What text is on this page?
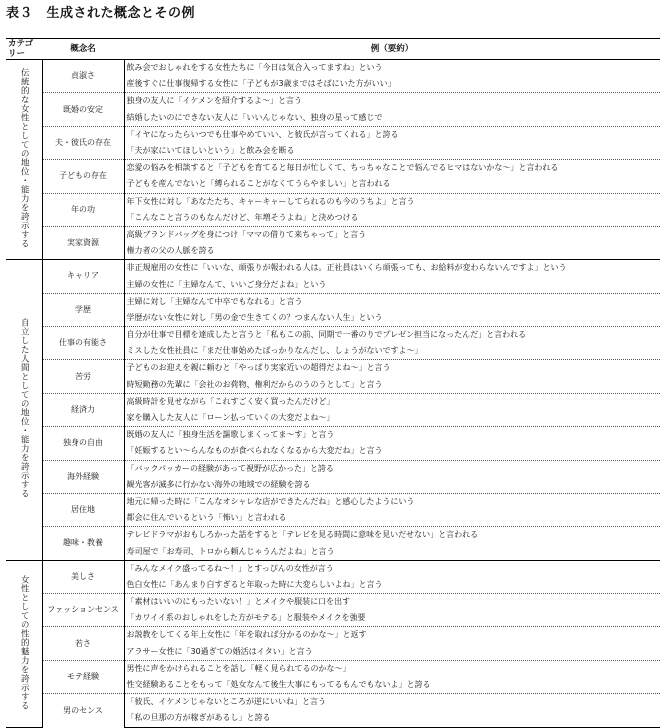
表３　生成された概念とその例
カテゴリー	概念名	例（要約）
伝統的な女性としての地位・能力を誇示する	貞淑さ	飲み会でおしゃれをする女性たちに「今日は気合入ってますね」という
		産後すぐに仕事復帰する女性に「子どもが3歳まではそばにいた方がいい」
	既婚の安定	独身の友人に「イケメンを紹介するよ〜」と言う
		結婚したいのにできない友人に「いいんじゃない、独身の星って感じで
	夫・彼氏の存在	「イヤになったらいつでも仕事やめていい、と彼氏が言ってくれる」と誇る
		「夫が家にいてほしいという」と飲み会を断る
	子どもの存在	恋愛の悩みを相談すると「子どもを育てると毎日が忙しくて、ちっちゃなことで悩んでるヒマはないかな〜」と言われる
		子どもを産んでないと「縛られることがなくてうらやましい」と言われる
	年の功	年下女性に対し「あなたたち、キャーキャーしてられるのも今のうちよ」と言う
		「こんなこと言うのもなんだけど、年増そうよね」と決めつける
	実家資源	高級ブランドバッグを身につけ「ママの借りて来ちゃって」と言う
		権力者の父の人脈を誇る
自立した人間としての地位・能力を誇示する	キャリア	非正規雇用の女性に「いいな、頑張りが報われる人は。正社員はいくら頑張っても、お給料が変わらないんですよ」という
		主婦の女性に「主婦なんて、いいご身分だよね」という
	学歴	主婦に対し「主婦なんて中卒でもなれる」と言う
		学歴がない女性に対し「男の金で生きてくの？つまんない人生」という
	仕事の有能さ	自分が仕事で目標を達成したと言うと「私もこの前、同期で一番のりでプレゼン担当になったんだ」と言われる
		ミスした女性社員に「まだ仕事始めたばっかりなんだし、しょうがないですよ〜」
	苦労	子どものお迎えを親に頼むと「やっぱり実家近いの超得だよね〜」と言う
		時短勤務の先輩に「会社のお荷物、権利だからのうのうとして」と言う
	経済力	高級時計を見せながら「これすごく安く買ったんだけど」
		家を購入した友人に「ローン払っていくの大変だよね〜」
	独身の自由	既婚の友人に「独身生活を謳歌しまくってま〜す」と言う
		「妊娠するとい〜らんなものが食べられなくなるから大変だね」と言う
	海外経験	「バックパッカーの経験があって視野が広かった」と誇る
		観光客が滅多に行かない海外の地域での経験を誇る
	居住地	地元に帰った時に「こんなオシャレな店ができたんだね」と感心したようにいう
		都会に住んでいるという「怖い」と言われる
	趣味・教養	テレビドラマがおもしろかった話をすると「テレビを見る時間に意味を見いだせない」と言われる
		寿司屋で「お寿司、トロから頼んじゃうんだよね」と言う
女性としての性的魅力を誇示する	美しさ	「みんなメイク盛ってるね〜！」とすっぴんの女性が言う
		色白女性に「あんまり白すぎると年取った時に大変らしいよね」と言う
	ファッションセンス	「素材はいいのにもったいない！」とメイクや服装に口を出す
		「カワイイ系のおしゃれをした方がモテる」と服装やメイクを強要
	若さ	お説教をしてくる年上女性に「年を取れば分かるのかな〜」と返す
		アラサー女性に「30過ぎての婚活はイタい」と言う
	モテ経験	男性に声をかけられることを話し「軽く見られてるのかな〜」
		性交経験あることをもって「処女なんて後生大事にもってるもんでもないよ」と誇る
	男のセンス	「彼氏、イケメンじゃないところが逆にいいね」と言う
		「私の旦那の方が稼ぎがあるし」と誇る
